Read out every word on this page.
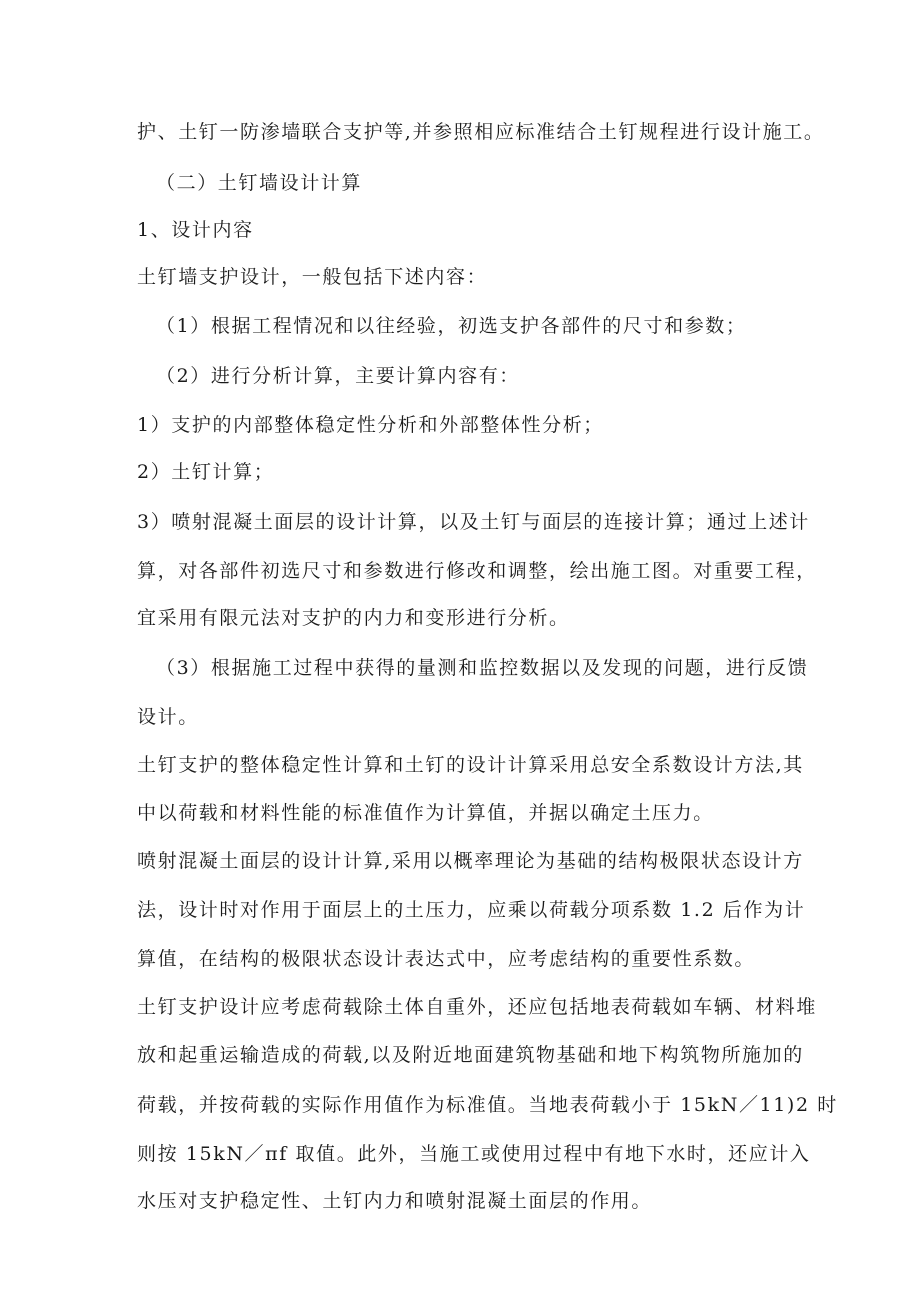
护、土钉一防渗墙联合支护等,并参照相应标准结合土钉规程进行设计施工。
（二）土钉墙设计计算
1、设计内容
土钉墙支护设计，一般包括下述内容：
（1）根据工程情况和以往经验，初选支护各部件的尺寸和参数；
（2）进行分析计算，主要计算内容有：
1）支护的内部整体稳定性分析和外部整体性分析；
2）土钉计算；
3）喷射混凝土面层的设计计算，以及土钉与面层的连接计算；通过上述计
算，对各部件初选尺寸和参数进行修改和调整，绘出施工图。对重要工程，
宜采用有限元法对支护的内力和变形进行分析。
（3）根据施工过程中获得的量测和监控数据以及发现的问题，进行反馈
设计。
土钉支护的整体稳定性计算和土钉的设计计算采用总安全系数设计方法,其
中以荷载和材料性能的标准值作为计算值，并据以确定土压力。
喷射混凝土面层的设计计算,采用以概率理论为基础的结构极限状态设计方
法，设计时对作用于面层上的土压力，应乘以荷载分项系数 1.2 后作为计
算值，在结构的极限状态设计表达式中，应考虑结构的重要性系数。
土钉支护设计应考虑荷载除土体自重外，还应包括地表荷载如车辆、材料堆
放和起重运输造成的荷载,以及附近地面建筑物基础和地下构筑物所施加的
荷载，并按荷载的实际作用值作为标准值。当地表荷载小于 15kN／11)2 时
则按 15kN／πf 取值。此外，当施工或使用过程中有地下水时，还应计入
水压对支护稳定性、土钉内力和喷射混凝土面层的作用。
